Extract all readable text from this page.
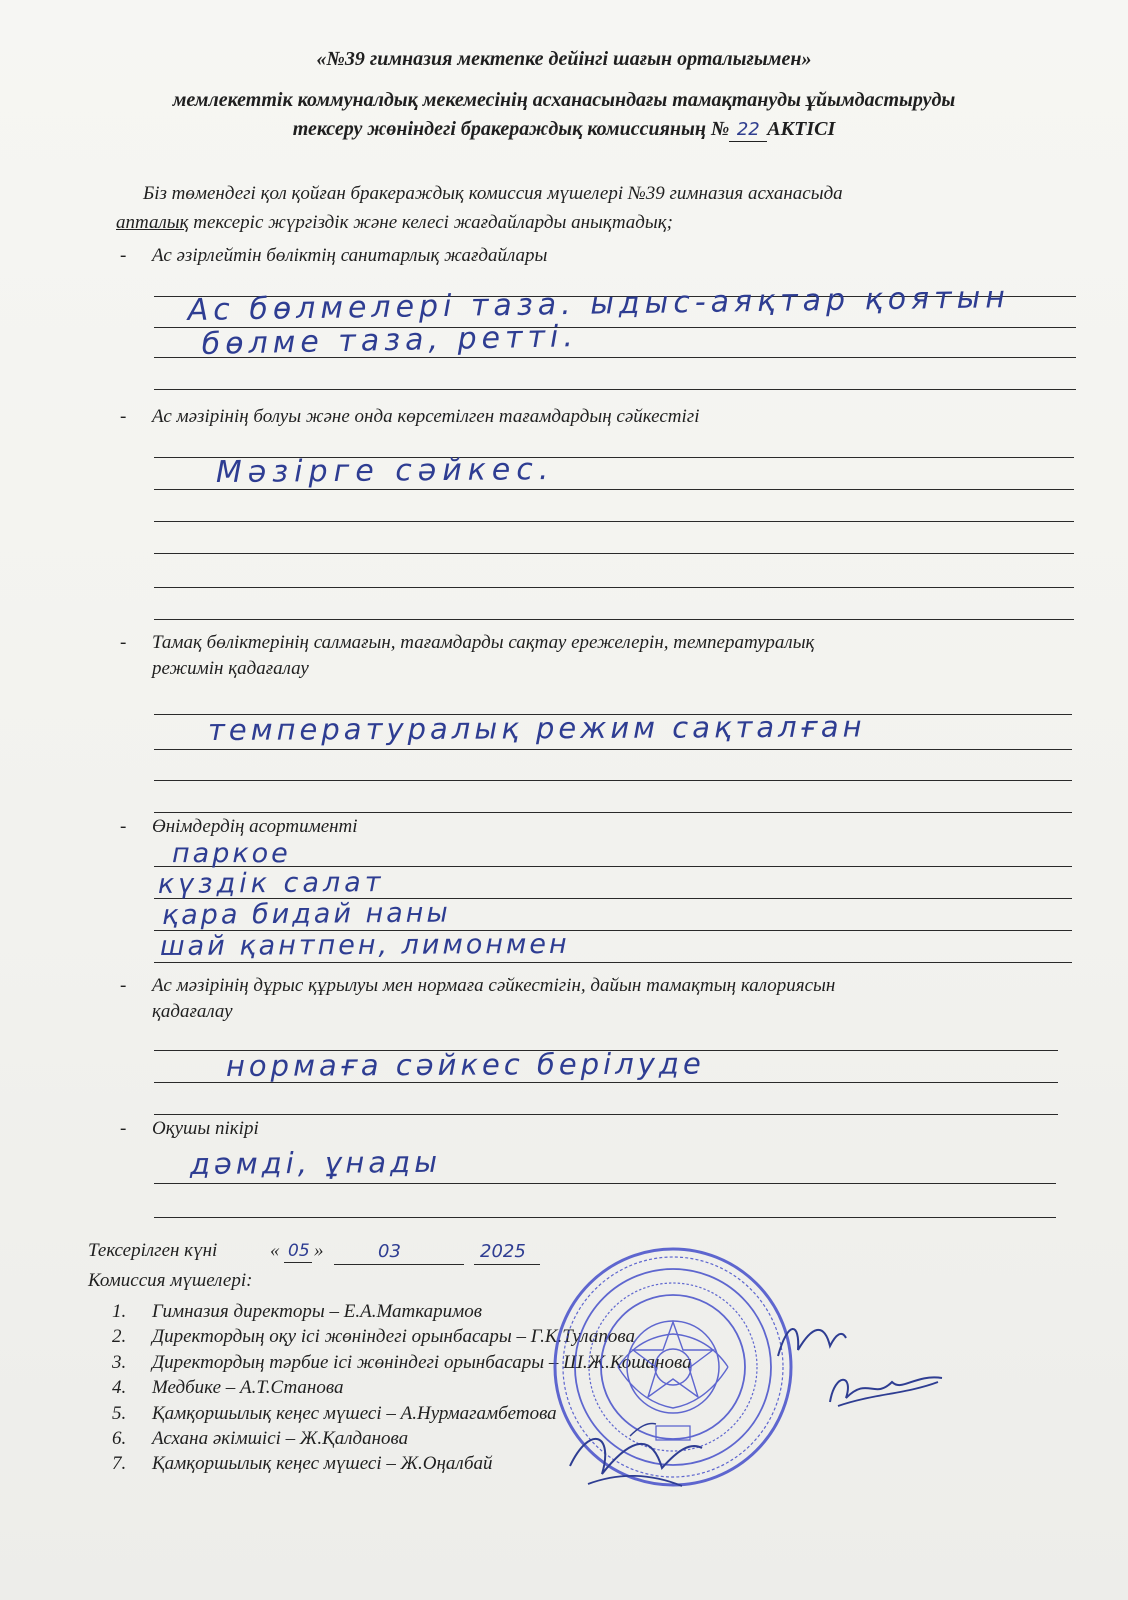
«№39 гимназия мектепке дейінгі шағын орталығымен»
мемлекеттік коммуналдық мекемесінің асханасындағы тамақтануды ұйымдастыруды
тексеру жөніндегі бракераждық комиссияның № 22 АКТІСІ
Біз төмендегі қол қойған бракераждық комиссия мүшелері №39 гимназия асханасыда
апталық тексеріс жүргіздік және келесі жағдайларды анықтадық;
- Ас әзірлейтін бөліктің санитарлық жағдайлары
Ас бөлмелері таза. ыдыс-аяқтар қоятын
бөлме таза, ретті.
- Ас мәзірінің болуы және онда көрсетілген тағамдардың сәйкестігі
Мәзірге сәйкес.
- Тамақ бөліктерінің салмағын, тағамдарды сақтау ережелерін, температуралық
режимін қадағалау
температуралық режим сақталған
- Өнімдердің асортименті
паркое
күздік салат
қара бидай наны
шай қантпен, лимонмен
- Ас мәзірінің дұрыс құрылуы мен нормаға сәйкестігін, дайын тамақтың калориясын
қадағалау
нормаға сәйкес берілуде
- Оқушы пікірі
дәмді, ұнады
Тексерілген күні	« 05 »	03	2025
Комиссия мүшелері:
1. Гимназия директоры – Е.А.Маткаримов
2. Директордың оқу ісі жөніндегі орынбасары – Г.К.Тулапова
3. Директордың тәрбие ісі жөніндегі орынбасары – Ш.Ж.Кошанова
4. Медбике – А.Т.Станова
5. Қамқоршылық кеңес мүшесі – А.Нурмагамбетова
6. Асхана әкімшісі – Ж.Қалданова
7. Қамқоршылық кеңес мүшесі – Ж.Оңалбай
